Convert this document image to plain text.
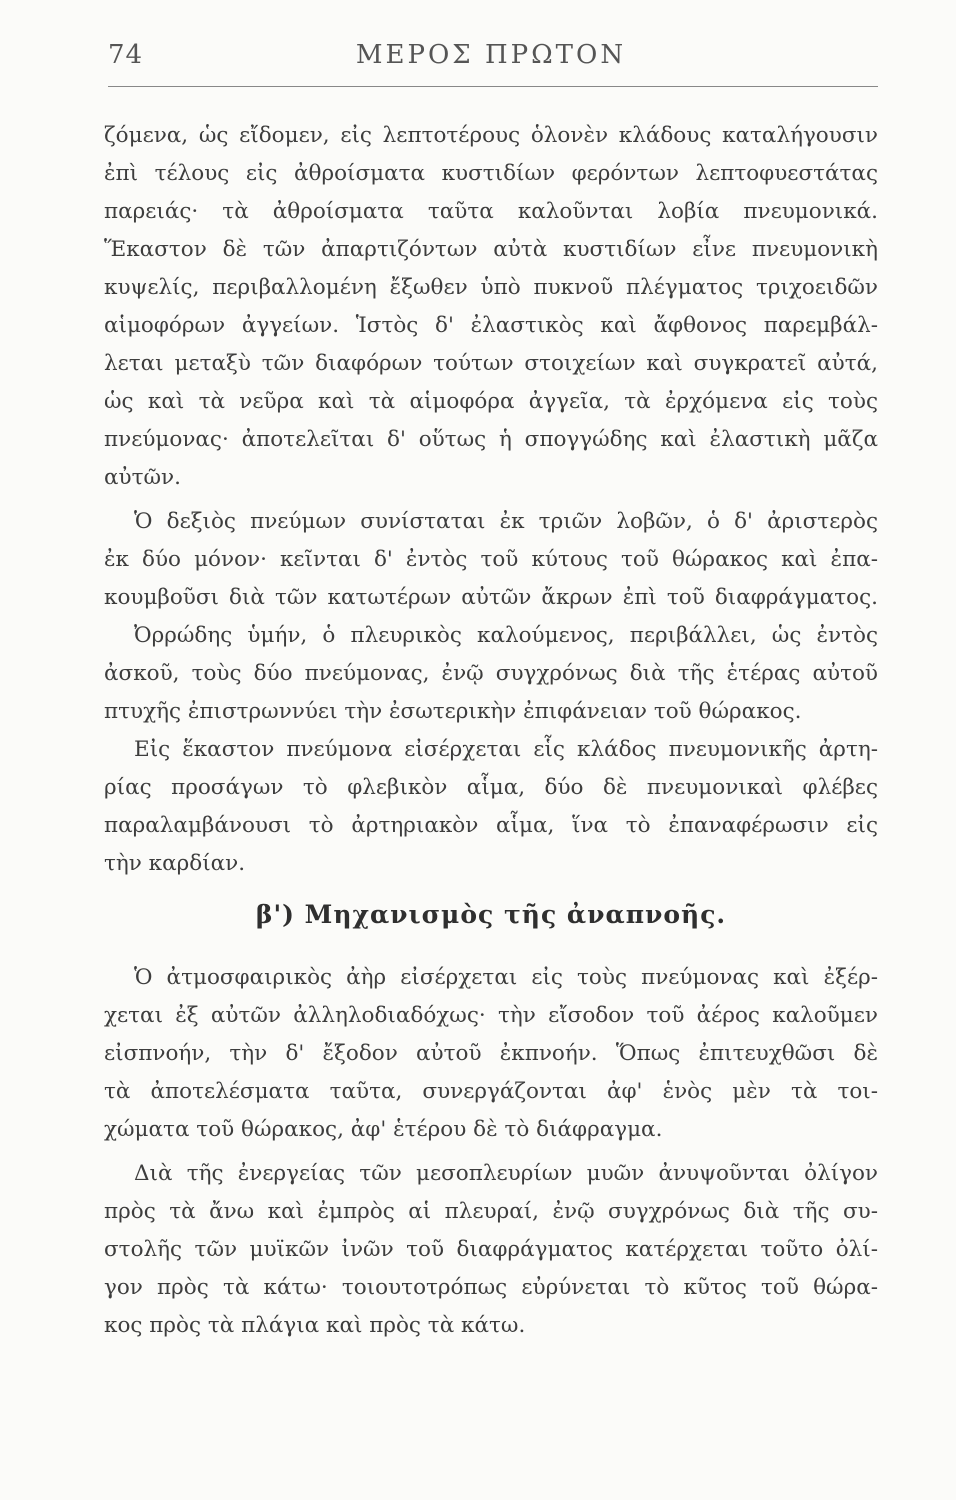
74	ΜΕΡΟΣ ΠΡΩΤΟΝ
ζόμενα, ὡς εἴδομεν, εἰς λεπτοτέρους ὁλονὲν κλάδους καταλήγουσιν
ἐπὶ τέλους εἰς ἀθροίσματα κυστιδίων φερόντων λεπτοφυεστάτας
παρειάς· τὰ ἀθροίσματα ταῦτα καλοῦνται λοβία πνευμονικά.
Ἕκαστον δὲ τῶν ἀπαρτιζόντων αὐτὰ κυστιδίων εἶνε πνευμονικὴ
κυψελίς, περιβαλλομένη ἔξωθεν ὑπὸ πυκνοῦ πλέγματος τριχοειδῶν
αἱμοφόρων ἀγγείων. Ἱστὸς δ' ἐλαστικὸς καὶ ἄφθονος παρεμβάλ-
λεται μεταξὺ τῶν διαφόρων τούτων στοιχείων καὶ συγκρατεῖ αὐτά,
ὡς καὶ τὰ νεῦρα καὶ τὰ αἱμοφόρα ἀγγεῖα, τὰ ἐρχόμενα εἰς τοὺς
πνεύμονας· ἀποτελεῖται δ' οὕτως ἡ σπογγώδης καὶ ἐλαστικὴ μᾶζα
αὐτῶν.
Ὁ δεξιὸς πνεύμων συνίσταται ἐκ τριῶν λοβῶν, ὁ δ' ἀριστερὸς
ἐκ δύο μόνον· κεῖνται δ' ἐντὸς τοῦ κύτους τοῦ θώρακος καὶ ἐπα-
κουμβοῦσι διὰ τῶν κατωτέρων αὐτῶν ἄκρων ἐπὶ τοῦ διαφράγματος.
Ὀρρώδης ὑμήν, ὁ πλευρικὸς καλούμενος, περιβάλλει, ὡς ἐντὸς
ἀσκοῦ, τοὺς δύο πνεύμονας, ἐνῷ συγχρόνως διὰ τῆς ἑτέρας αὐτοῦ
πτυχῆς ἐπιστρωννύει τὴν ἐσωτερικὴν ἐπιφάνειαν τοῦ θώρακος.
Εἰς ἕκαστον πνεύμονα εἰσέρχεται εἷς κλάδος πνευμονικῆς ἀρτη-
ρίας προσάγων τὸ φλεβικὸν αἷμα, δύο δὲ πνευμονικαὶ φλέβες
παραλαμβάνουσι τὸ ἀρτηριακὸν αἷμα, ἵνα τὸ ἐπαναφέρωσιν εἰς
τὴν καρδίαν.
β') Μηχανισμὸς τῆς ἀναπνοῆς.
Ὁ ἀτμοσφαιρικὸς ἀὴρ εἰσέρχεται εἰς τοὺς πνεύμονας καὶ ἐξέρ-
χεται ἐξ αὐτῶν ἀλληλοδιαδόχως· τὴν εἴσοδον τοῦ ἀέρος καλοῦμεν
εἰσπνοήν, τὴν δ' ἔξοδον αὐτοῦ ἐκπνοήν. Ὅπως ἐπιτευχθῶσι δὲ
τὰ ἀποτελέσματα ταῦτα, συνεργάζονται ἀφ' ἑνὸς μὲν τὰ τοι-
χώματα τοῦ θώρακος, ἀφ' ἑτέρου δὲ τὸ διάφραγμα.
Διὰ τῆς ἐνεργείας τῶν μεσοπλευρίων μυῶν ἀνυψοῦνται ὀλίγον
πρὸς τὰ ἄνω καὶ ἐμπρὸς αἱ πλευραί, ἐνῷ συγχρόνως διὰ τῆς συ-
στολῆς τῶν μυϊκῶν ἰνῶν τοῦ διαφράγματος κατέρχεται τοῦτο ὀλί-
γον πρὸς τὰ κάτω· τοιουτοτρόπως εὐρύνεται τὸ κῦτος τοῦ θώρα-
κος πρὸς τὰ πλάγια καὶ πρὸς τὰ κάτω.
